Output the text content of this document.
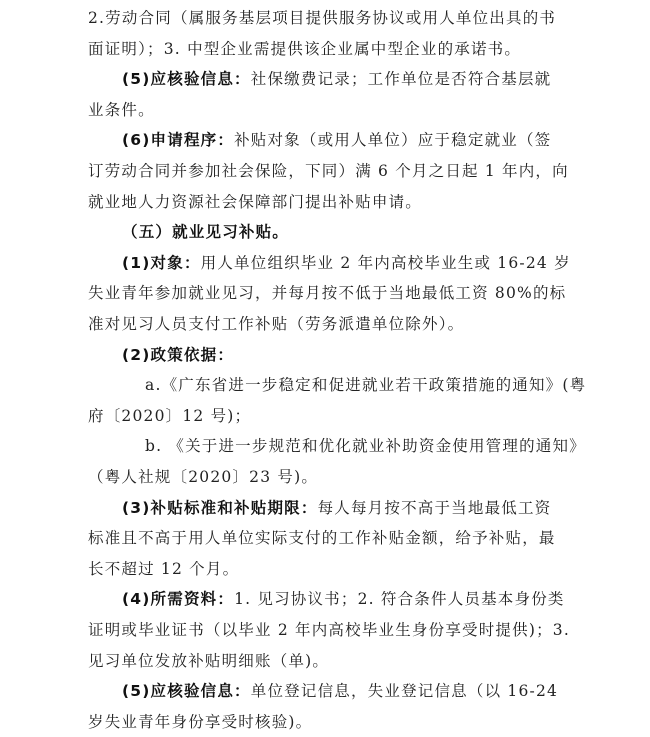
2.劳动合同（属服务基层项目提供服务协议或用人单位出具的书
面证明）；3. 中型企业需提供该企业属中型企业的承诺书。
(5)应核验信息：社保缴费记录；工作单位是否符合基层就
业条件。
(6)申请程序：补贴对象（或用人单位）应于稳定就业（签
订劳动合同并参加社会保险，下同）满 6 个月之日起 1 年内，向
就业地人力资源社会保障部门提出补贴申请。
（五）就业见习补贴。
(1)对象：用人单位组织毕业 2 年内高校毕业生或 16-24 岁
失业青年参加就业见习，并每月按不低于当地最低工资 80%的标
准对见习人员支付工作补贴（劳务派遣单位除外）。
(2)政策依据：
a.《广东省进一步稳定和促进就业若干政策措施的通知》(粤
府〔2020〕12 号)；
b. 《关于进一步规范和优化就业补助资金使用管理的通知》
（粤人社规〔2020〕23 号)。
(3)补贴标准和补贴期限：每人每月按不高于当地最低工资
标准且不高于用人单位实际支付的工作补贴金额，给予补贴，最
长不超过 12 个月。
(4)所需资料：1. 见习协议书；2. 符合条件人员基本身份类
证明或毕业证书（以毕业 2 年内高校毕业生身份享受时提供)；3.
见习单位发放补贴明细账（单)。
(5)应核验信息：单位登记信息，失业登记信息（以 16-24
岁失业青年身份享受时核验)。
